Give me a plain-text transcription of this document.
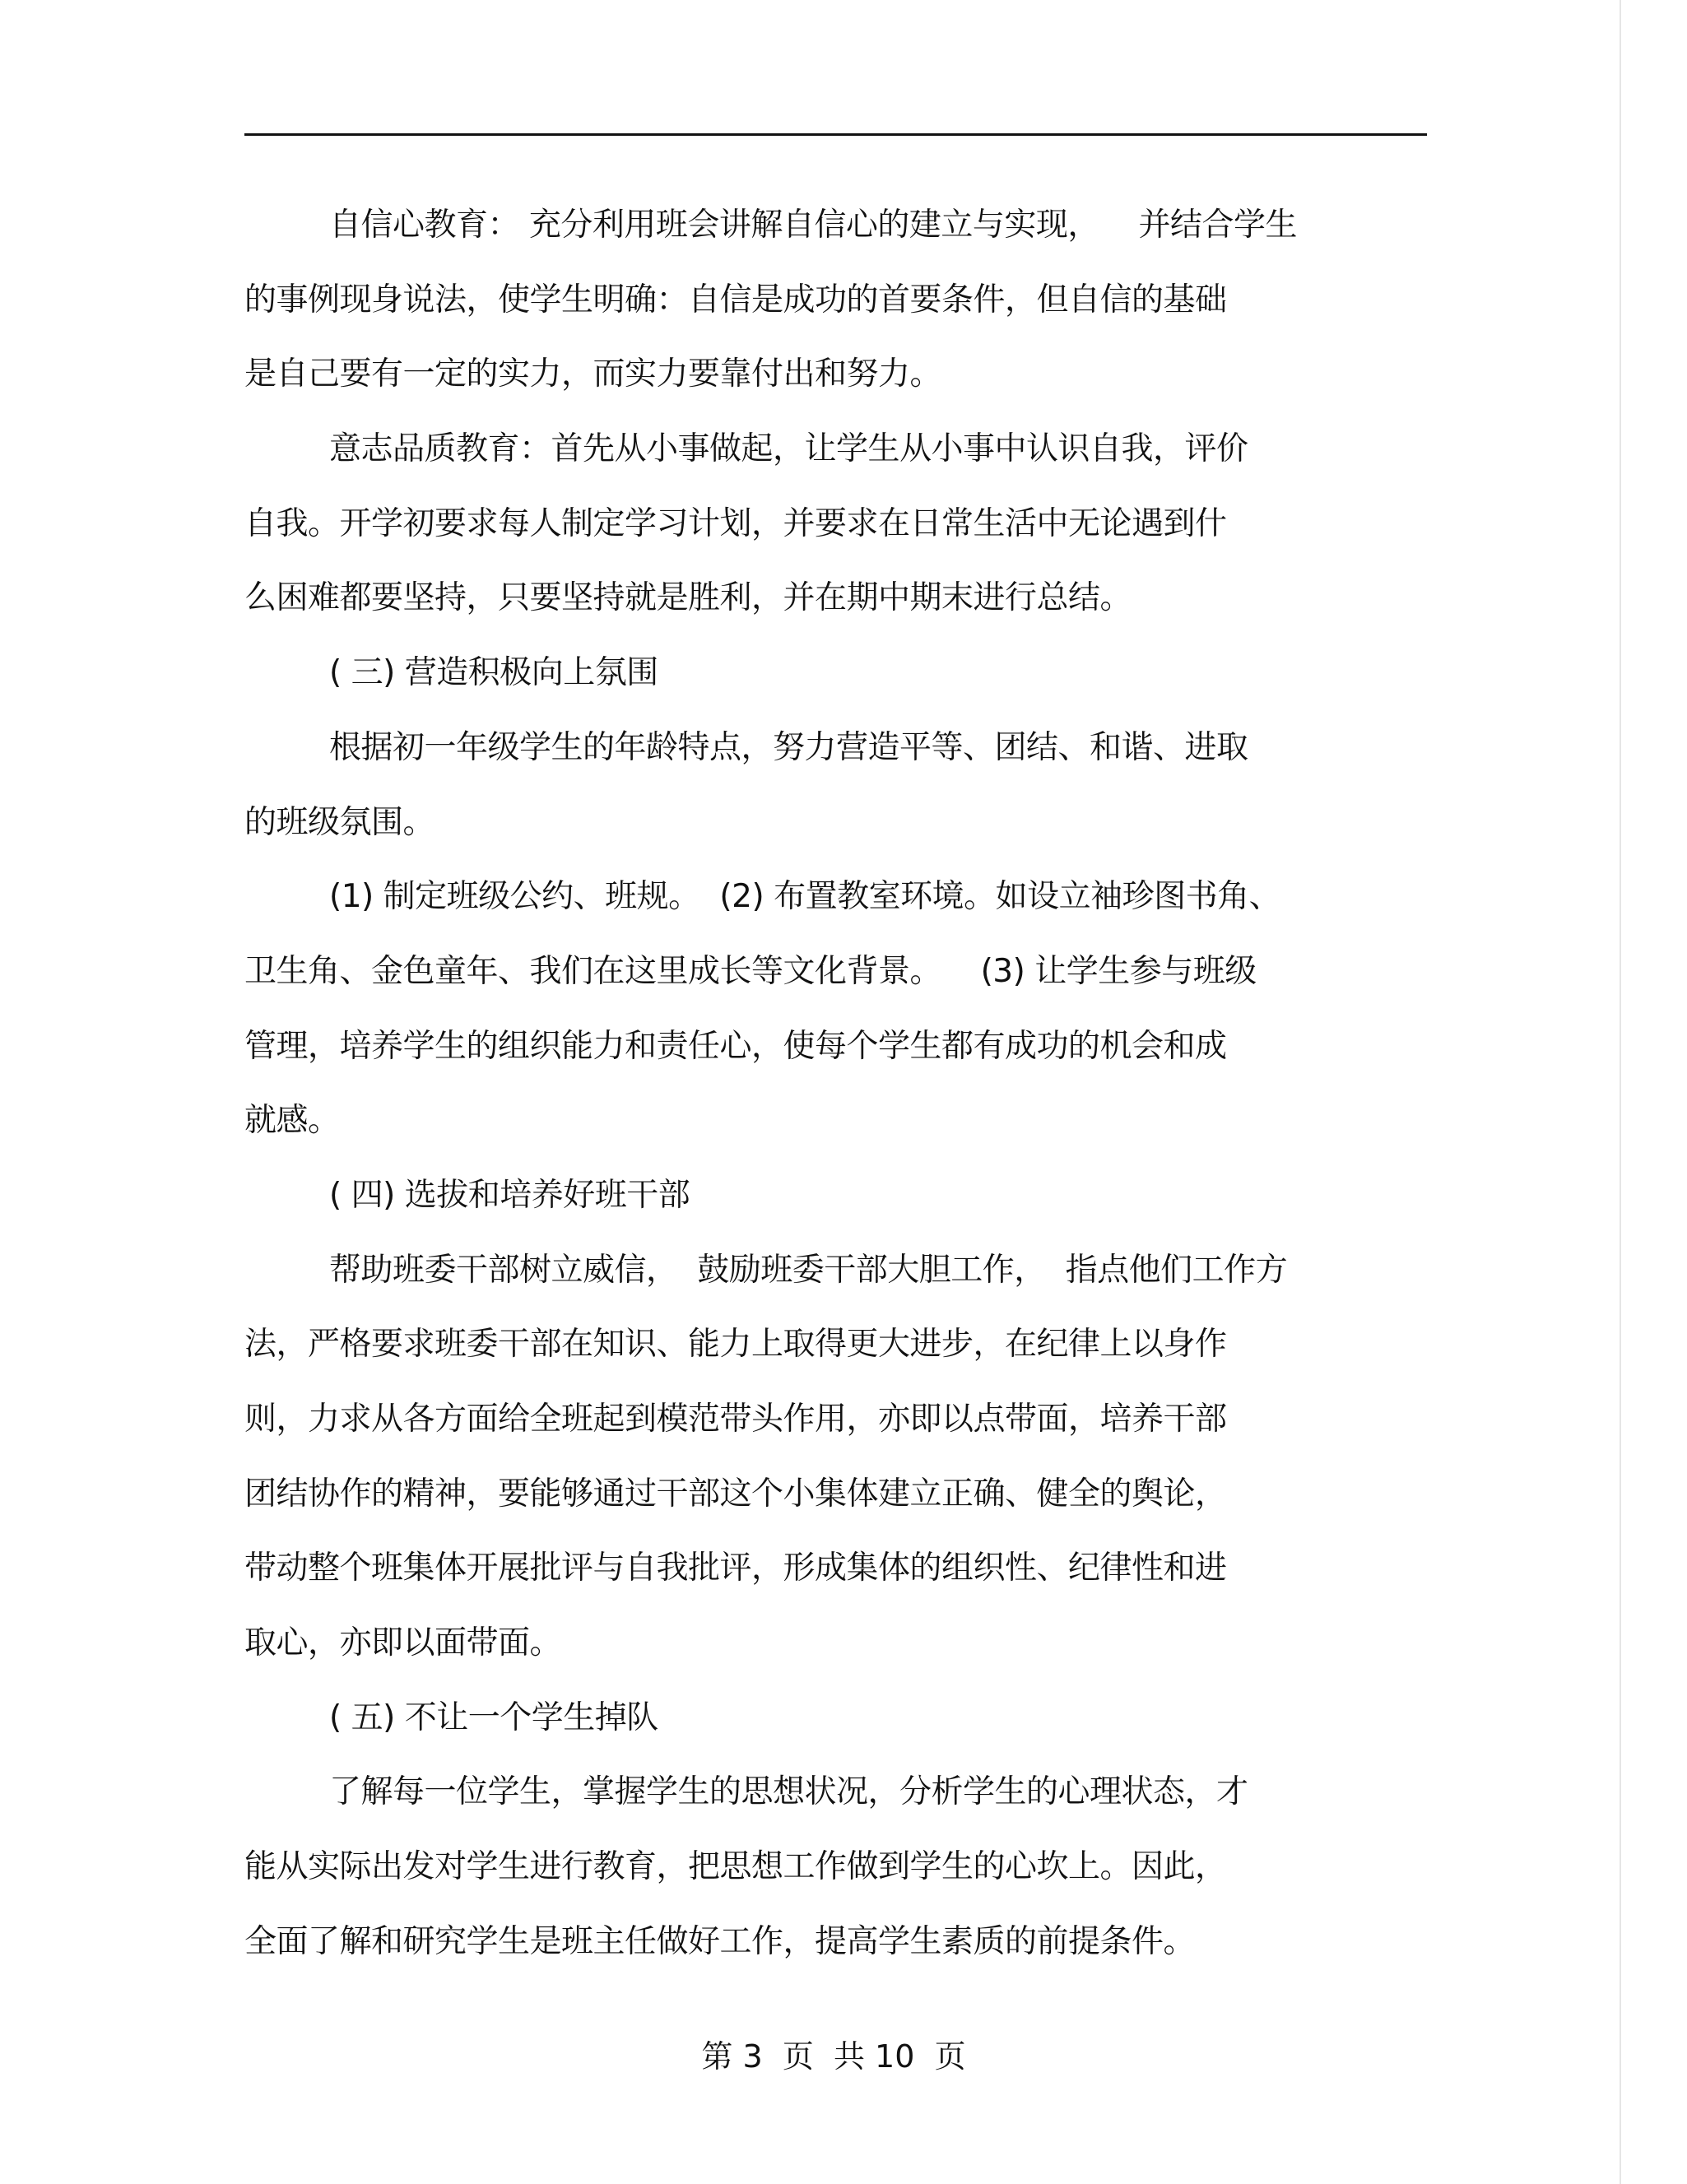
自信心教育： 充分利用班会讲解自信心的建立与实现，    并结合学生
的事例现身说法，使学生明确：自信是成功的首要条件，但自信的基础
是自己要有一定的实力，而实力要靠付出和努力。
意志品质教育：首先从小事做起，让学生从小事中认识自我，评价
自我。开学初要求每人制定学习计划，并要求在日常生活中无论遇到什
么困难都要坚持，只要坚持就是胜利，并在期中期末进行总结。
( 三) 营造积极向上氛围
根据初一年级学生的年龄特点，努力营造平等、团结、和谐、进取
的班级氛围。
(1) 制定班级公约、班规。  (2) 布置教室环境。如设立袖珍图书角、
卫生角、金色童年、我们在这里成长等文化背景。    (3) 让学生参与班级
管理，培养学生的组织能力和责任心，使每个学生都有成功的机会和成
就感。
( 四) 选拔和培养好班干部
帮助班委干部树立威信，  鼓励班委干部大胆工作，  指点他们工作方
法，严格要求班委干部在知识、能力上取得更大进步，在纪律上以身作
则，力求从各方面给全班起到模范带头作用，亦即以点带面，培养干部
团结协作的精神，要能够通过干部这个小集体建立正确、健全的舆论，
带动整个班集体开展批评与自我批评，形成集体的组织性、纪律性和进
取心，亦即以面带面。
( 五) 不让一个学生掉队
了解每一位学生，掌握学生的思想状况，分析学生的心理状态，才
能从实际出发对学生进行教育，把思想工作做到学生的心坎上。因此，
全面了解和研究学生是班主任做好工作，提高学生素质的前提条件。
第 3  页  共 10  页
